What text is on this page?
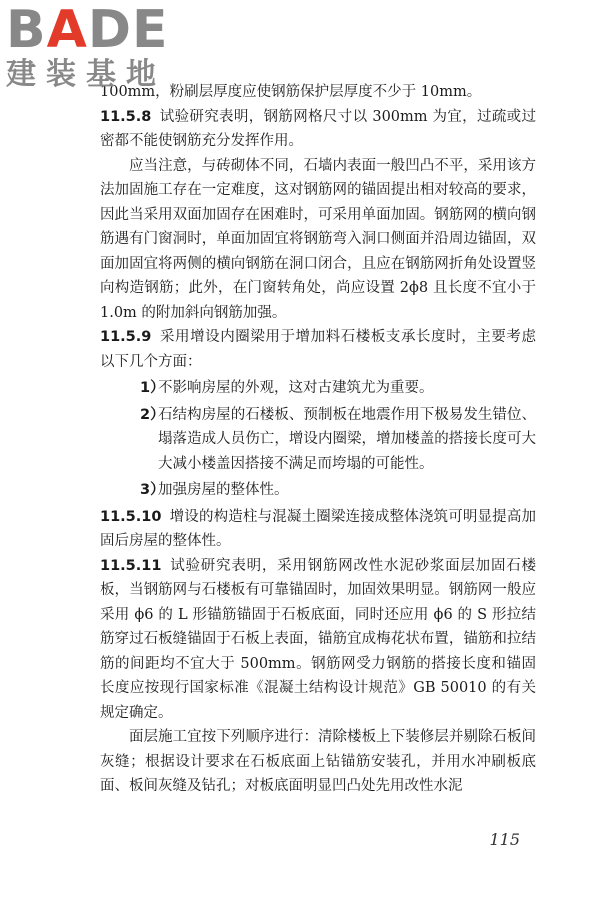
BADE
建装基地

100mm，粉刷层厚度应使钢筋保护层厚度不少于 10mm。

11.5.8 试验研究表明，钢筋网格尺寸以 300mm 为宜，过疏或过密都不能使钢筋充分发挥作用。

应当注意，与砖砌体不同，石墙内表面一般凹凸不平，采用该方法加固施工存在一定难度，这对钢筋网的锚固提出相对较高的要求，因此当采用双面加固存在困难时，可采用单面加固。钢筋网的横向钢筋遇有门窗洞时，单面加固宜将钢筋弯入洞口侧面并沿周边锚固，双面加固宜将两侧的横向钢筋在洞口闭合，且应在钢筋网折角处设置竖向构造钢筋；此外，在门窗转角处，尚应设置 2ϕ8 且长度不宜小于 1.0m 的附加斜向钢筋加强。

11.5.9 采用增设内圈梁用于增加料石楼板支承长度时，主要考虑以下几个方面：

1）
不影响房屋的外观，这对古建筑尤为重要。
2）
石结构房屋的石楼板、预制板在地震作用下极易发生错位、塌落造成人员伤亡，增设内圈梁，增加楼盖的搭接长度可大大减小楼盖因搭接不满足而垮塌的可能性。
3）
加强房屋的整体性。

11.5.10 增设的构造柱与混凝土圈梁连接成整体浇筑可明显提高加固后房屋的整体性。

11.5.11 试验研究表明，采用钢筋网改性水泥砂浆面层加固石楼板，当钢筋网与石楼板有可靠锚固时，加固效果明显。钢筋网一般应采用 ϕ6 的 L 形锚筋锚固于石板底面，同时还应用 ϕ6 的 S 形拉结筋穿过石板缝锚固于石板上表面，锚筋宜成梅花状布置，锚筋和拉结筋的间距均不宜大于 500mm。钢筋网受力钢筋的搭接长度和锚固长度应按现行国家标准《混凝土结构设计规范》GB 50010 的有关规定确定。

面层施工宜按下列顺序进行：清除楼板上下装修层并剔除石板间灰缝；根据设计要求在石板底面上钻锚筋安装孔，并用水冲刷板底面、板间灰缝及钻孔；对板底面明显凹凸处先用改性水泥

115
